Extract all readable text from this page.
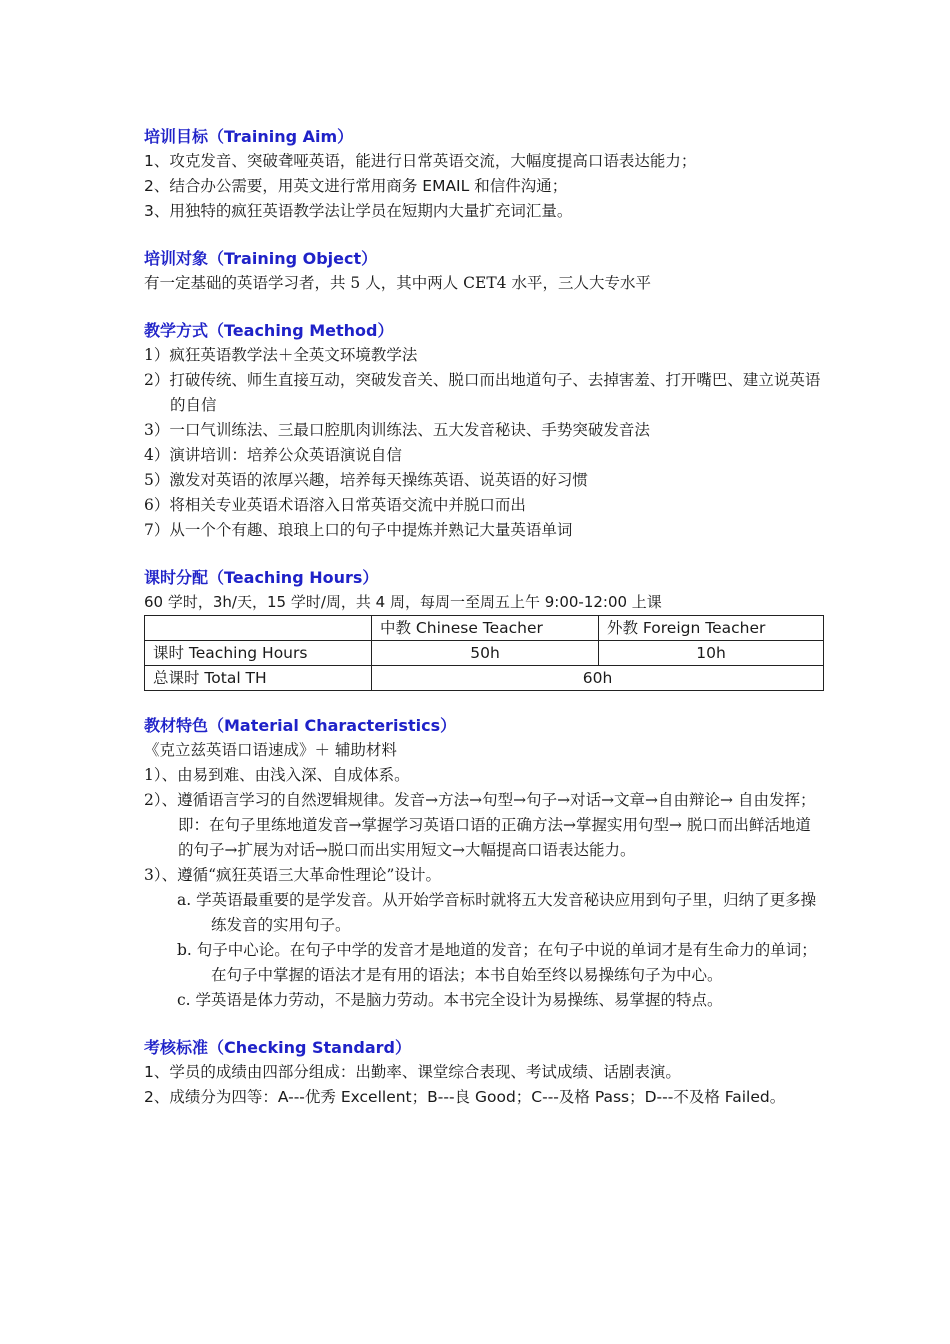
培训目标（Training Aim）
1、攻克发音、突破聋哑英语，能进行日常英语交流，大幅度提高口语表达能力；
2、结合办公需要，用英文进行常用商务 EMAIL 和信件沟通；
3、用独特的疯狂英语教学法让学员在短期内大量扩充词汇量。
培训对象（Training Object）
有一定基础的英语学习者，共 5 人，其中两人 CET4 水平，三人大专水平
教学方式（Teaching Method）
1）疯狂英语教学法＋全英文环境教学法
2）打破传统、师生直接互动，突破发音关、脱口而出地道句子、去掉害羞、打开嘴巴、建立说英语的自信
3）一口气训练法、三最口腔肌肉训练法、五大发音秘诀、手势突破发音法
4）演讲培训：培养公众英语演说自信
5）激发对英语的浓厚兴趣，培养每天操练英语、说英语的好习惯
6）将相关专业英语术语溶入日常英语交流中并脱口而出
7）从一个个有趣、琅琅上口的句子中提炼并熟记大量英语单词
课时分配（Teaching Hours）
60 学时，3h/天，15 学时/周，共 4 周，每周一至周五上午 9:00-12:00 上课
	中教 Chinese Teacher	外教 Foreign Teacher
课时 Teaching Hours	50h	10h
总课时 Total TH	60h	
教材特色（Material Characteristics）
《克立兹英语口语速成》＋ 辅助材料
1）、由易到难、由浅入深、自成体系。
2）、遵循语言学习的自然逻辑规律。发音→方法→句型→句子→对话→文章→自由辩论→ 自由发挥；即：在句子里练地道发音→掌握学习英语口语的正确方法→掌握实用句型→ 脱口而出鲜活地道的句子→扩展为对话→脱口而出实用短文→大幅提高口语表达能力。
3）、遵循“疯狂英语三大革命性理论”设计。
a. 学英语最重要的是学发音。从开始学音标时就将五大发音秘诀应用到句子里，归纳了更多操练发音的实用句子。
b. 句子中心论。在句子中学的发音才是地道的发音；在句子中说的单词才是有生命力的单词；在句子中掌握的语法才是有用的语法；本书自始至终以易操练句子为中心。
c. 学英语是体力劳动，不是脑力劳动。本书完全设计为易操练、易掌握的特点。
考核标准（Checking Standard）
1、学员的成绩由四部分组成：出勤率、课堂综合表现、考试成绩、话剧表演。
2、成绩分为四等：A---优秀 Excellent；B---良 Good；C---及格 Pass；D---不及格 Failed。
